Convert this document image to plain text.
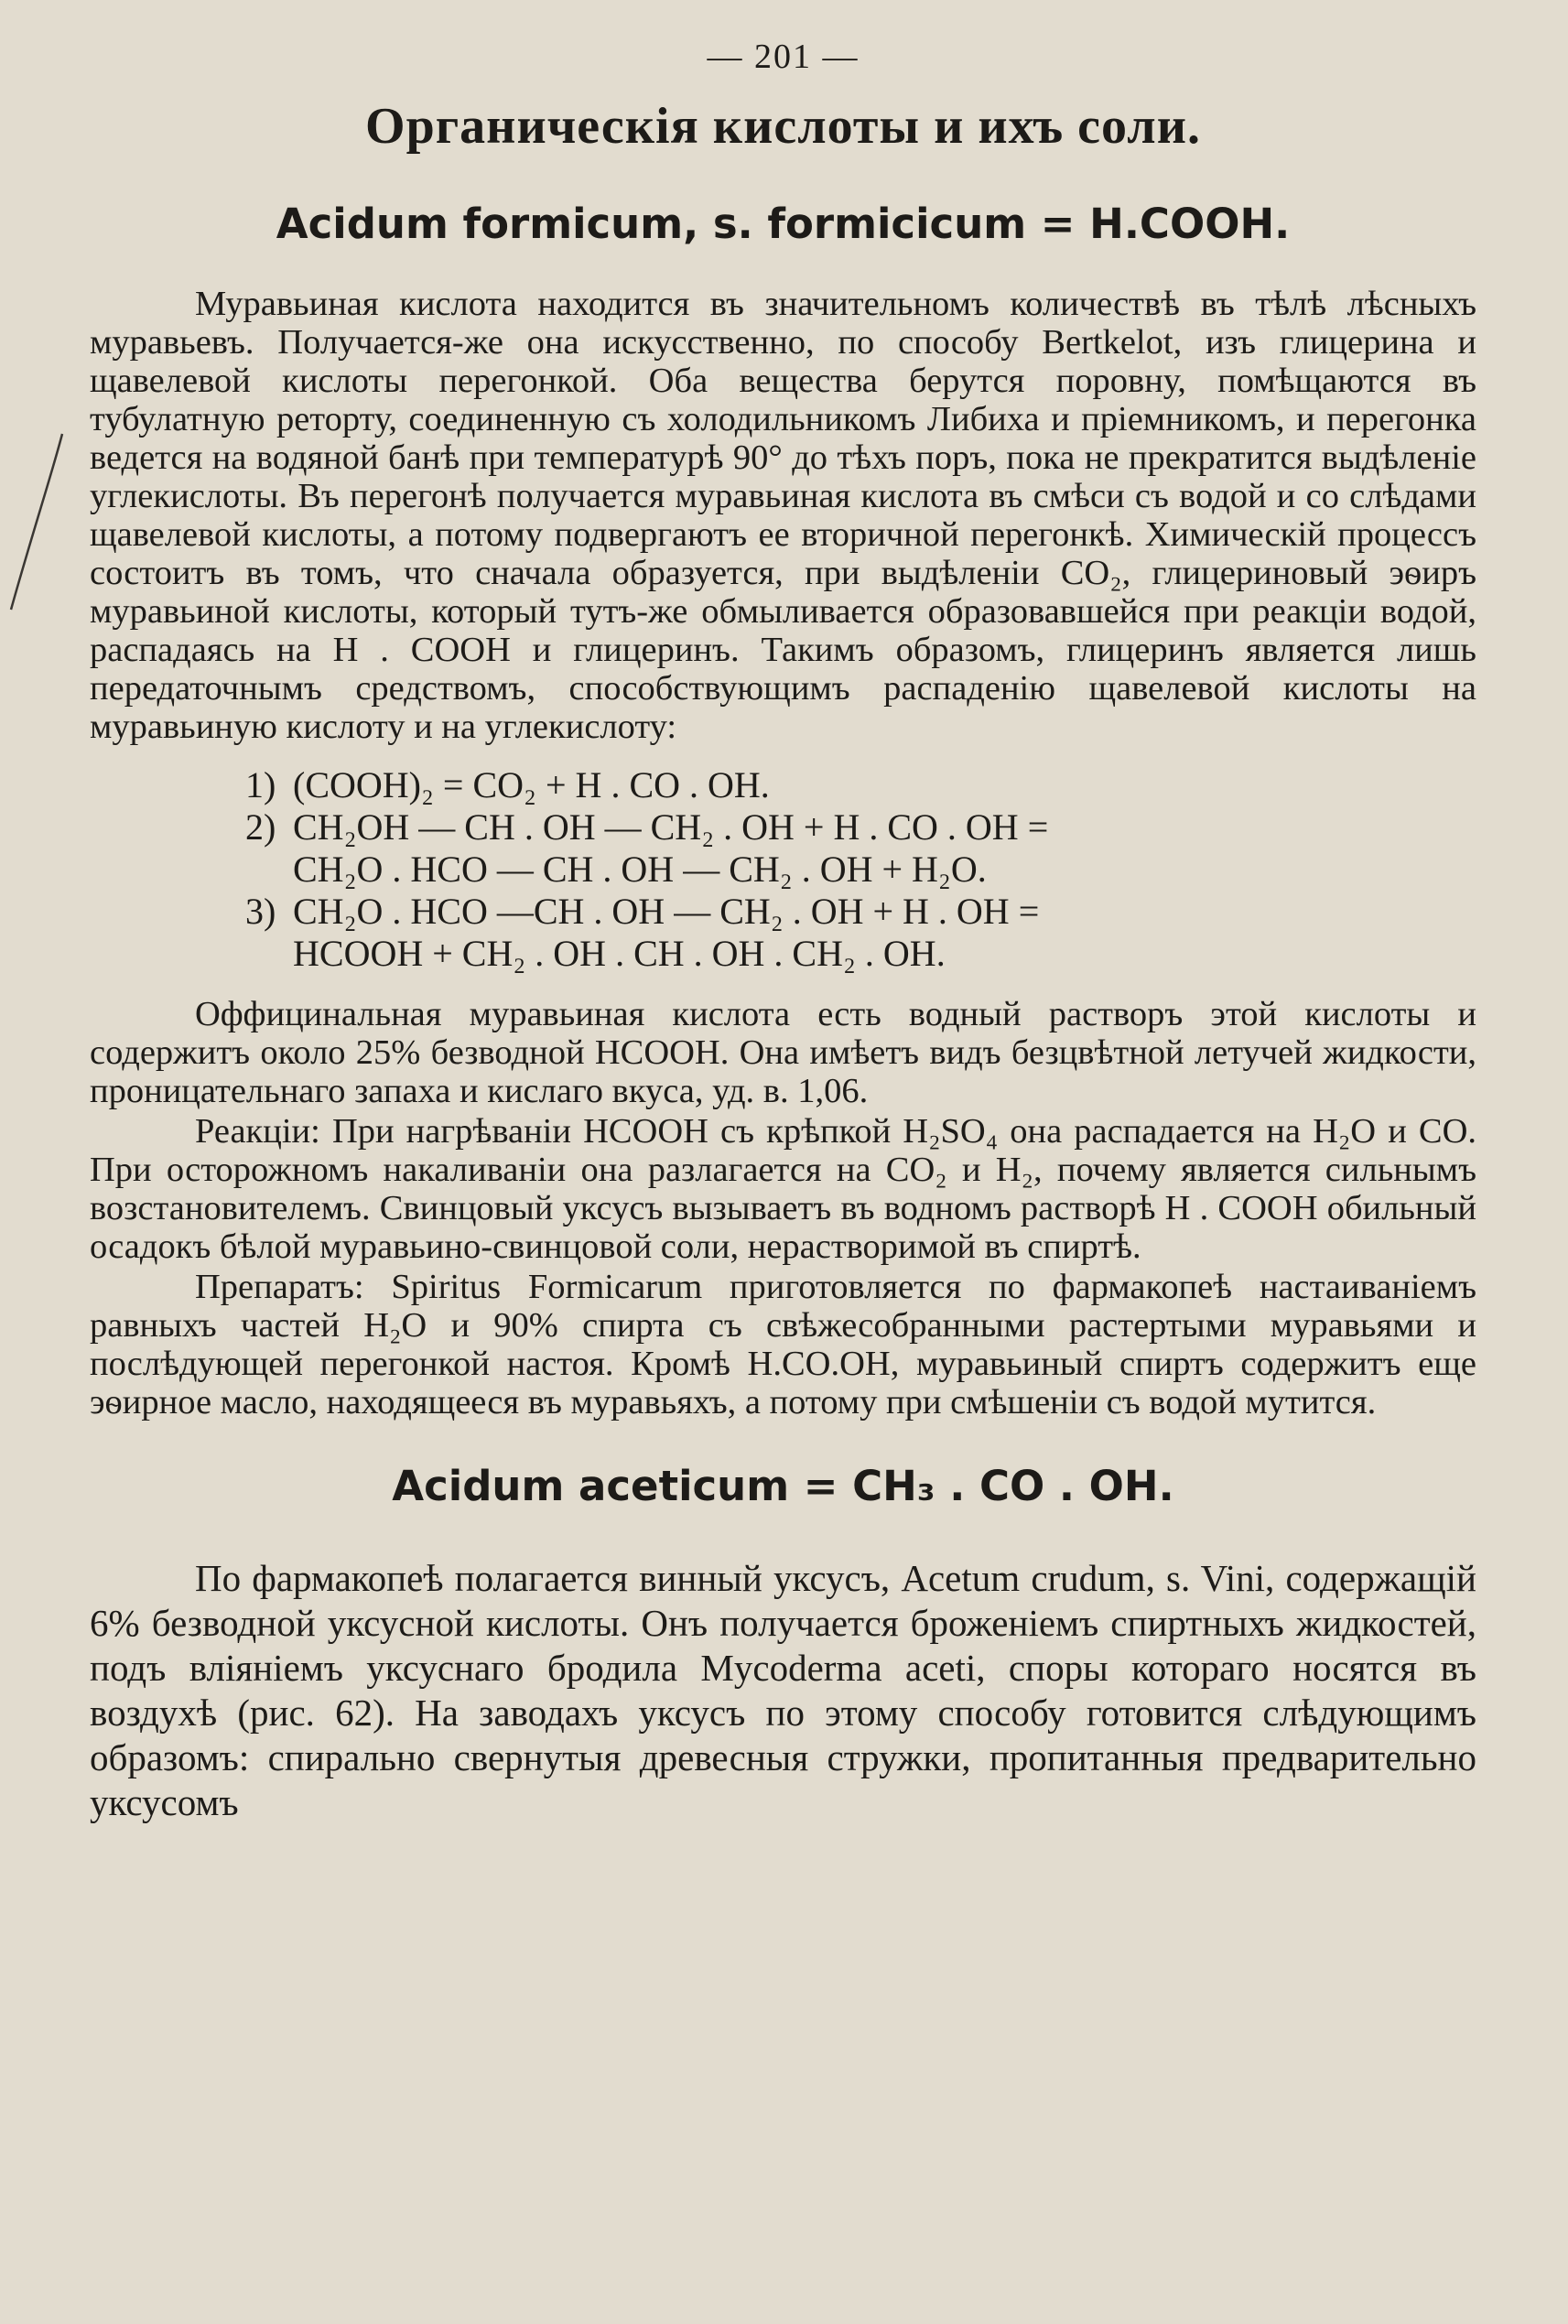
— 201 —
Органическія кислоты и ихъ соли.
Acidum formicum, s. formicicum = H.COOH.

Муравьиная кислота находится въ значительномъ количествѣ въ тѣлѣ лѣсныхъ муравьевъ. Получается-же она искусственно, по способу Bertkelot, изъ глицерина и щавелевой кислоты перегонкой. Оба вещества берутся поровну, помѣщаются въ тубулатную реторту, соединенную съ холодильникомъ Либиха и пріемникомъ, и перегонка ведется на водяной банѣ при температурѣ 90° до тѣхъ поръ, пока не прекратится выдѣленіе углекислоты. Въ перегонѣ получается муравьиная кислота въ смѣси съ водой и со слѣдами щавелевой кислоты, а потому подвергаютъ ее вторичной перегонкѣ. Химическій процессъ состоитъ въ томъ, что сначала образуется, при выдѣленіи CO₂, глицериновый эѳиръ муравьиной кислоты, который тутъ-же обмыливается образовавшейся при реакціи водой, распадаясь на H . COOH и глицеринъ. Такимъ образомъ, глицеринъ является лишь передаточнымъ средствомъ, способствующимъ распаденію щавелевой кислоты на муравьиную кислоту и на углекислоту:

1) (COOH)₂ = CO₂ + H . CO . OH.
2) CH₂OH — CH . OH — CH₂ . OH + H . CO . OH =
CH₂O . HCO — CH . OH — CH₂ . OH + H₂O.
3) CH₂O . HCO —CH . OH — CH₂ . OH + H . OH =
HCOOH + CH₂ . OH . CH . OH . CH₂ . OH.

Оффицинальная муравьиная кислота есть водный растворъ этой кислоты и содержитъ около 25% безводной HCOOH. Она имѣетъ видъ безцвѣтной летучей жидкости, проницательнаго запаха и кислаго вкуса, уд. в. 1,06.

Реакціи: При нагрѣваніи HCOOH съ крѣпкой H₂SO₄ она распадается на H₂O и CO. При осторожномъ накаливаніи она разлагается на CO₂ и H₂, почему является сильнымъ возстановителемъ. Свинцовый уксусъ вызываетъ въ водномъ растворѣ H . COOH обильный осадокъ бѣлой муравьино-свинцовой соли, нерастворимой въ спиртѣ.

Препаратъ: Spiritus Formicarum приготовляется по фармакопеѣ настаиваніемъ равныхъ частей H₂O и 90% спирта съ свѣжесобранными растертыми муравьями и послѣдующей перегонкой настоя. Кромѣ H.CO.OH, муравьиный спиртъ содержитъ еще эѳирное масло, находящееся въ муравьяхъ, а потому при смѣшеніи съ водой мутится.

Acidum aceticum = CH₃ . CO . OH.

По фармакопеѣ полагается винный уксусъ, Acetum crudum, s. Vini, содержащій 6% безводной уксусной кислоты. Онъ получается броженіемъ спиртныхъ жидкостей, подъ вліяніемъ уксуснаго бродила Mycoderma aceti, споры котораго носятся въ воздухѣ (рис. 62). На заводахъ уксусъ по этому способу готовится слѣдующимъ образомъ: спирально свернутыя древесныя стружки, пропитанныя предварительно уксусомъ
